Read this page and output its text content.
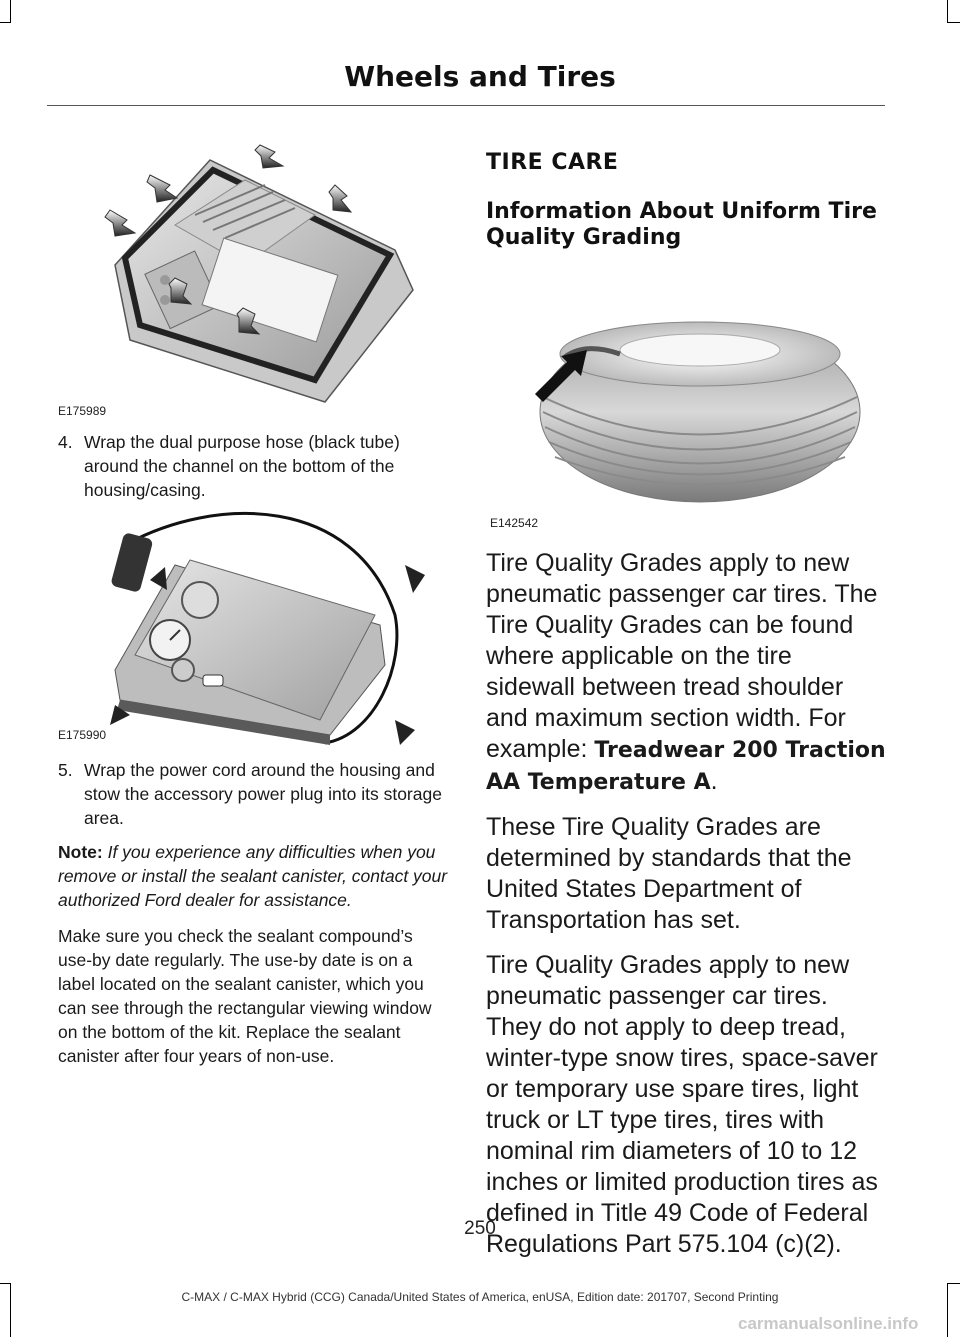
Wheels and Tires
E175989
4. Wrap the dual purpose hose (black tube) around the channel on the bottom of the housing/casing.
E175990
5. Wrap the power cord around the housing and stow the accessory power plug into its storage area.

Note: If you experience any difficulties when you remove or install the sealant canister, contact your authorized Ford dealer for assistance.

Make sure you check the sealant compound’s use-by date regularly. The use-by date is on a label located on the sealant canister, which you can see through the rectangular viewing window on the bottom of the kit. Replace the sealant canister after four years of non-use.

TIRE CARE

Information About Uniform Tire Quality Grading

E142542

Tire Quality Grades apply to new pneumatic passenger car tires. The Tire Quality Grades can be found where applicable on the tire sidewall between tread shoulder and maximum section width. For example: Treadwear 200 Traction AA Temperature A.

These Tire Quality Grades are determined by standards that the United States Department of Transportation has set.

Tire Quality Grades apply to new pneumatic passenger car tires. They do not apply to deep tread, winter-type snow tires, space-saver or temporary use spare tires, light truck or LT type tires, tires with nominal rim diameters of 10 to 12 inches or limited production tires as defined in Title 49 Code of Federal Regulations Part 575.104 (c)(2).

250
C-MAX / C-MAX Hybrid (CCG) Canada/United States of America, enUSA, Edition date: 201707, Second Printing
carmanualsonline.info
